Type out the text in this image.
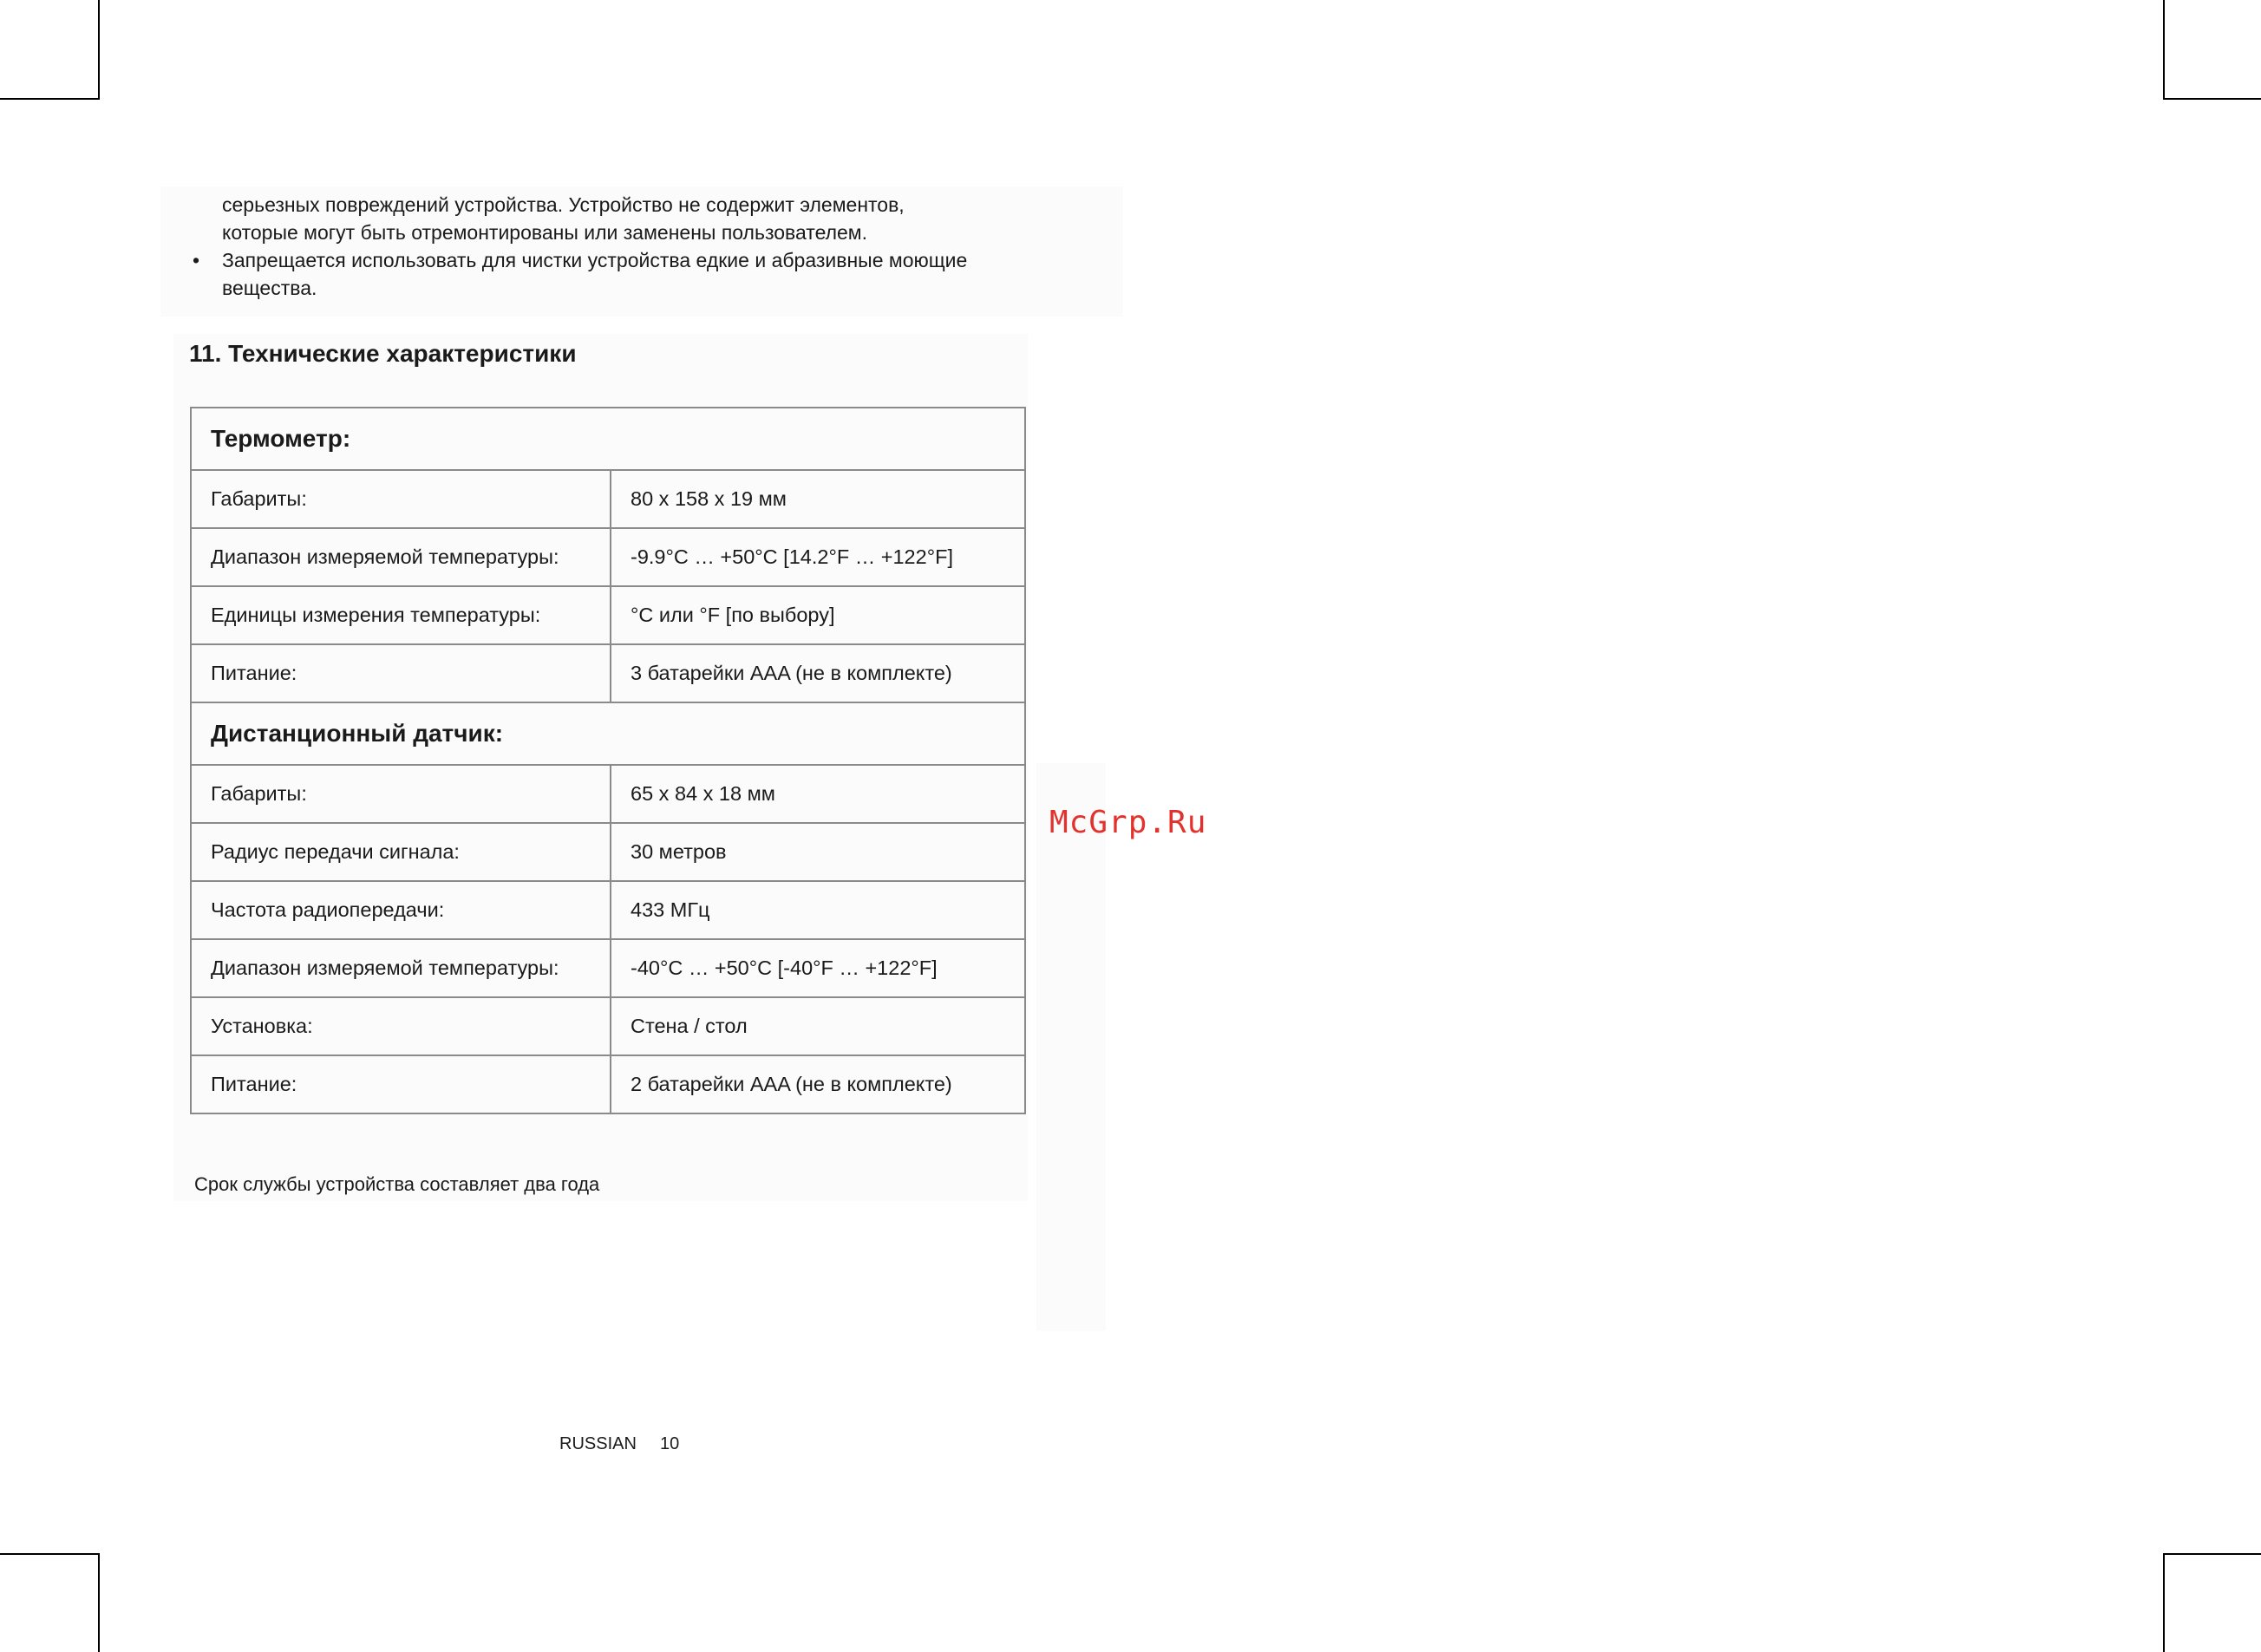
серьезных повреждений устройства. Устройство не содержит элементов,

которые могут быть отремонтированы или заменены пользователем.

• Запрещается использовать для чистки устройства едкие и абразивные моющие

вещества.

11. Технические характеристики
Термометр:	
Габариты:	80 x 158 x 19 мм
Диапазон измеряемой температуры:	-9.9°C … +50°C [14.2°F … +122°F]
Единицы измерения температуры:	°C или °F [по выбору]
Питание:	3 батарейки AAA (не в комплекте)
Дистанционный датчик:	
Габариты:	65 x 84 x 18 мм
Радиус передачи сигнала:	30 метров
Частота радиопередачи:	433 МГц
Диапазон измеряемой температуры:	-40°C … +50°C [-40°F … +122°F]
Установка:	Стена / стол
Питание:	2 батарейки AAA (не в комплекте)

Срок службы устройства составляет два года

McGrp.Ru

RUSSIAN 10
